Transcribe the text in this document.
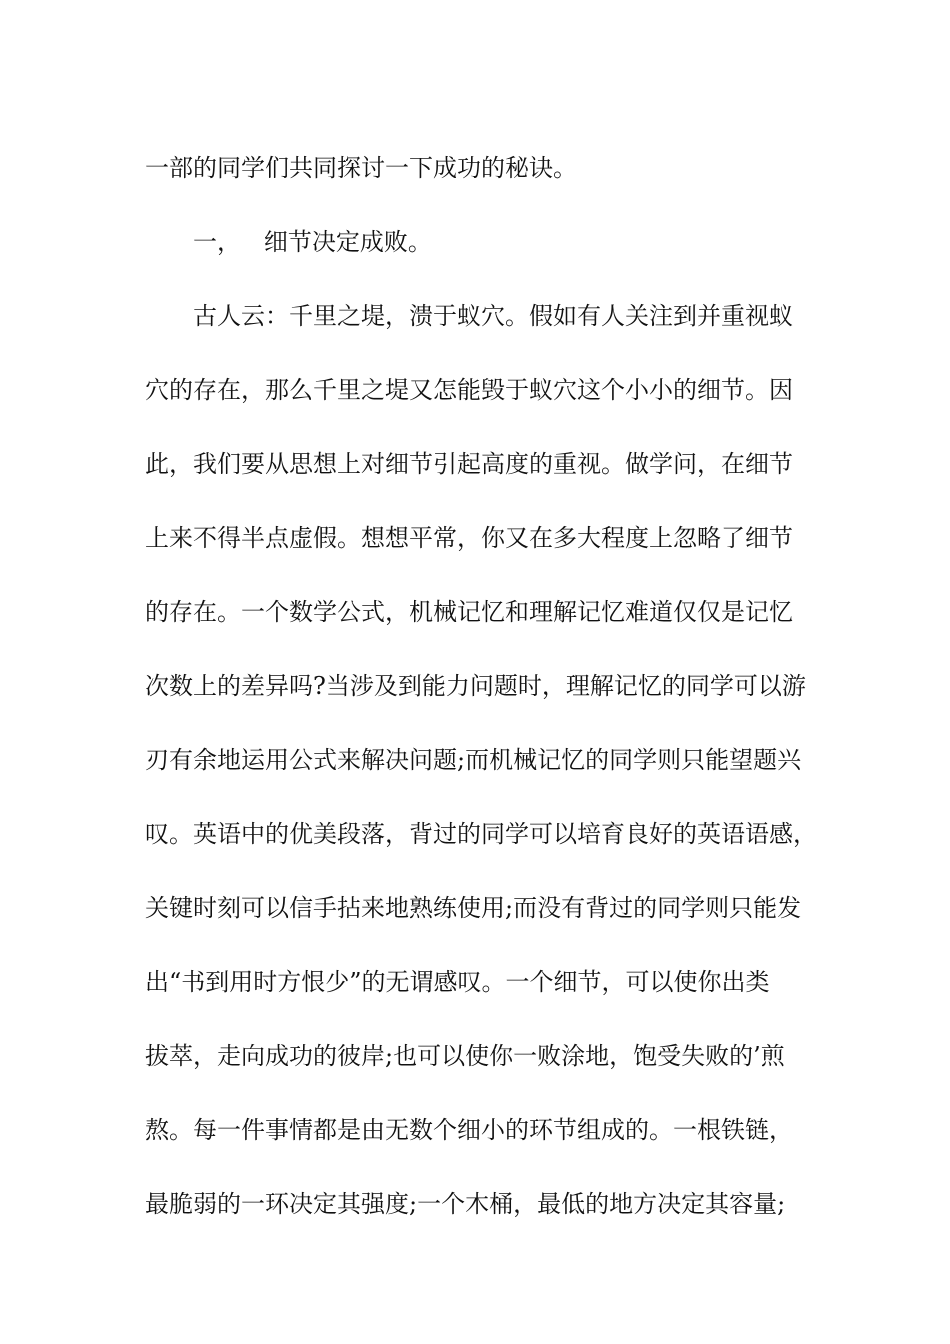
一部的同学们共同探讨一下成功的秘诀。
一，   细节决定成败。
古人云：千里之堤，溃于蚁穴。假如有人关注到并重视蚁
穴的存在，那么千里之堤又怎能毁于蚁穴这个小小的细节。因
此，我们要从思想上对细节引起高度的重视。做学问，在细节
上来不得半点虚假。想想平常，你又在多大程度上忽略了细节
的存在。一个数学公式，机械记忆和理解记忆难道仅仅是记忆
次数上的差异吗?当涉及到能力问题时，理解记忆的同学可以游
刃有余地运用公式来解决问题;而机械记忆的同学则只能望题兴
叹。英语中的优美段落，背过的同学可以培育良好的英语语感，
关键时刻可以信手拈来地熟练使用;而没有背过的同学则只能发
出“书到用时方恨少”的无谓感叹。一个细节，可以使你出类
拔萃，走向成功的彼岸;也可以使你一败涂地，饱受失败的’煎
熬。每一件事情都是由无数个细小的环节组成的。一根铁链，
最脆弱的一环决定其强度;一个木桶，最低的地方决定其容量;
